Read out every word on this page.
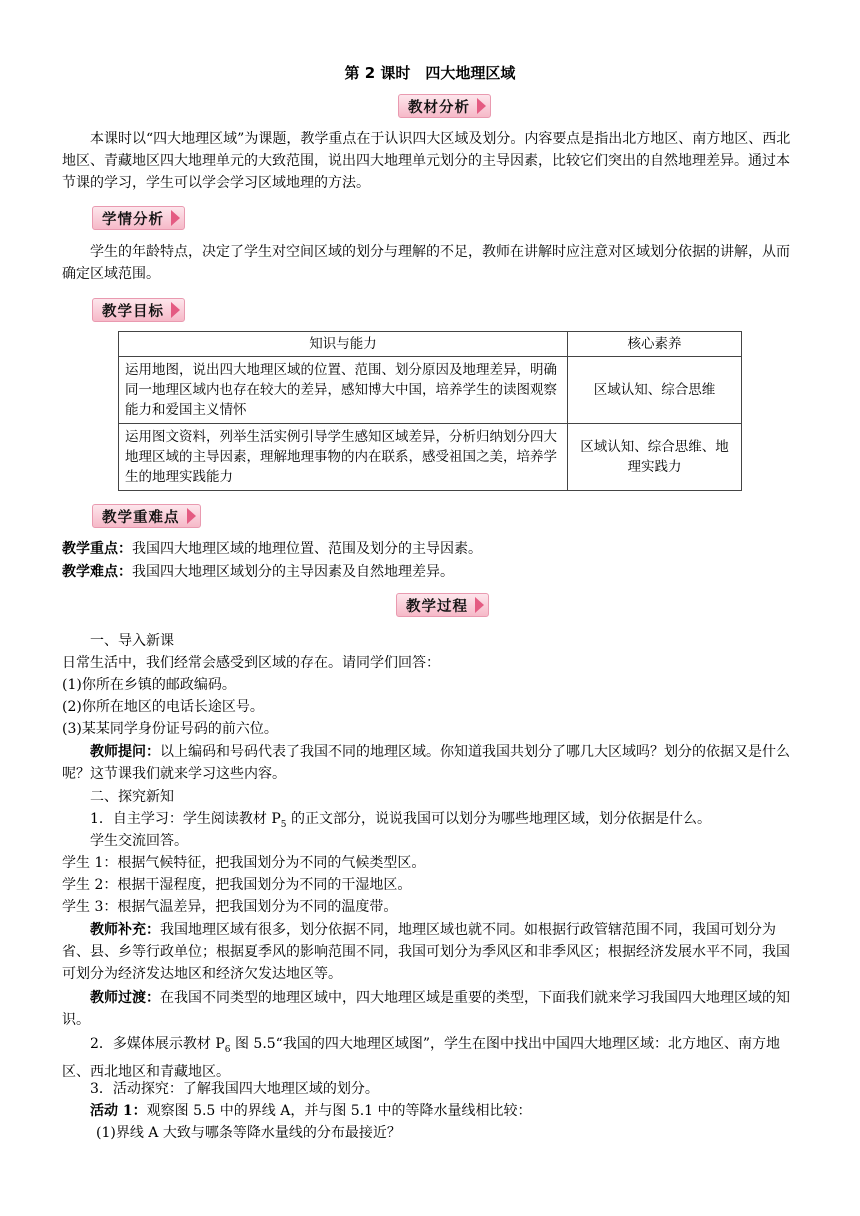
第 2 课时　四大地理区域
教材分析
本课时以“四大地理区域”为课题，教学重点在于认识四大区域及划分。内容要点是指出北方地区、南方地区、西北地区、青藏地区四大地理单元的大致范围，说出四大地理单元划分的主导因素，比较它们突出的自然地理差异。通过本节课的学习，学生可以学会学习区域地理的方法。
学情分析
学生的年龄特点，决定了学生对空间区域的划分与理解的不足，教师在讲解时应注意对区域划分依据的讲解，从而确定区域范围。
教学目标
知识与能力	核心素养
运用地图，说出四大地理区域的位置、范围、划分原因及地理差异，明确同一地理区域内也存在较大的差异，感知博大中国，培养学生的读图观察能力和爱国主义情怀	区域认知、综合思维
运用图文资料，列举生活实例引导学生感知区域差异，分析归纳划分四大地理区域的主导因素，理解地理事物的内在联系，感受祖国之美，培养学生的地理实践能力	区域认知、综合思维、地理实践力
教学重难点
教学重点：我国四大地理区域的地理位置、范围及划分的主导因素。
教学难点：我国四大地理区域划分的主导因素及自然地理差异。
教学过程
一、导入新课
日常生活中，我们经常会感受到区域的存在。请同学们回答：
(1)你所在乡镇的邮政编码。
(2)你所在地区的电话长途区号。
(3)某某同学身份证号码的前六位。
教师提问：以上编码和号码代表了我国不同的地理区域。你知道我国共划分了哪几大区域吗？划分的依据又是什么呢？这节课我们就来学习这些内容。
二、探究新知
1．自主学习：学生阅读教材 $P_5$ 的正文部分，说说我国可以划分为哪些地理区域，划分依据是什么。
学生交流回答。
学生 1：根据气候特征，把我国划分为不同的气候类型区。
学生 2：根据干湿程度，把我国划分为不同的干湿地区。
学生 3：根据气温差异，把我国划分为不同的温度带。
教师补充：我国地理区域有很多，划分依据不同，地理区域也就不同。如根据行政管辖范围不同，我国可划分为省、县、乡等行政单位；根据夏季风的影响范围不同，我国可划分为季风区和非季风区；根据经济发展水平不同，我国可划分为经济发达地区和经济欠发达地区等。
教师过渡：在我国不同类型的地理区域中，四大地理区域是重要的类型，下面我们就来学习我国四大地理区域的知识。
2．多媒体展示教材 $P_6$ 图 5.5“我国的四大地理区域图”，学生在图中找出中国四大地理区域：北方地区、南方地区、西北地区和青藏地区。
3．活动探究：了解我国四大地理区域的划分。
活动 1：观察图 5.5 中的界线 A，并与图 5.1 中的等降水量线相比较：
(1)界线 A 大致与哪条等降水量线的分布最接近？
